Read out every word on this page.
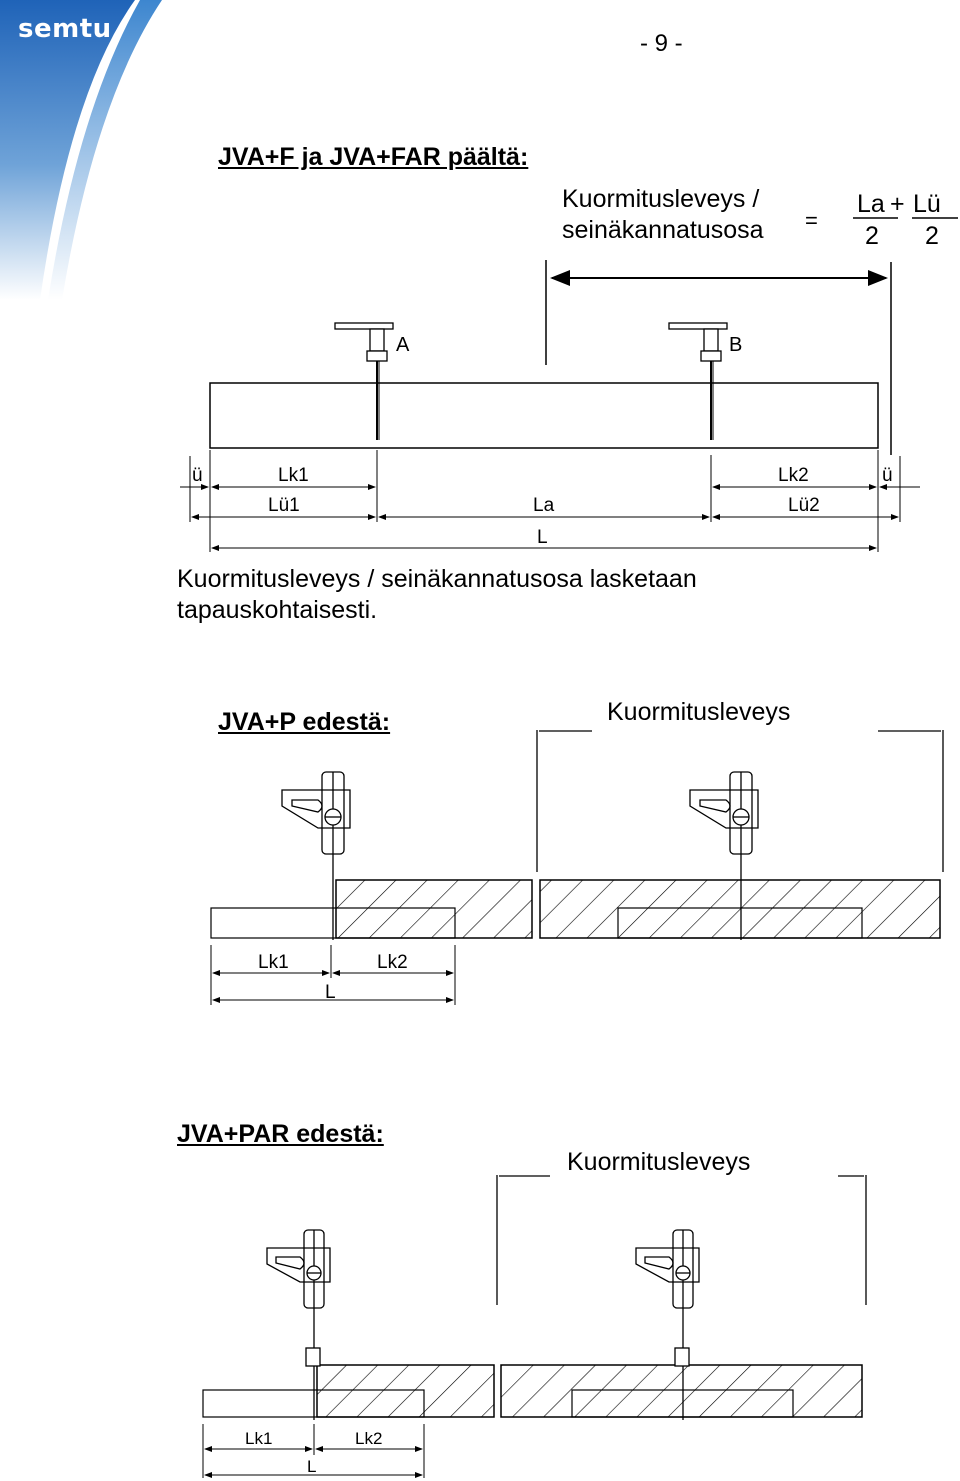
semtu	- 9 -
JVA+F ja JVA+FAR päältä:
Kuormitusleveys /
seinäkannatusosa =
La + Lü
2 2
A	B
ü	Lk1	Lk2	ü
Lü1	La	Lü2
L
Lk1	Lk2
L
Lk1	Lk2
L
Kuormitusleveys / seinäkannatusosa lasketaan tapauskohtaisesti.
JVA+P edestä:	Kuormitusleveys
JVA+PAR edestä:
Kuormitusleveys
